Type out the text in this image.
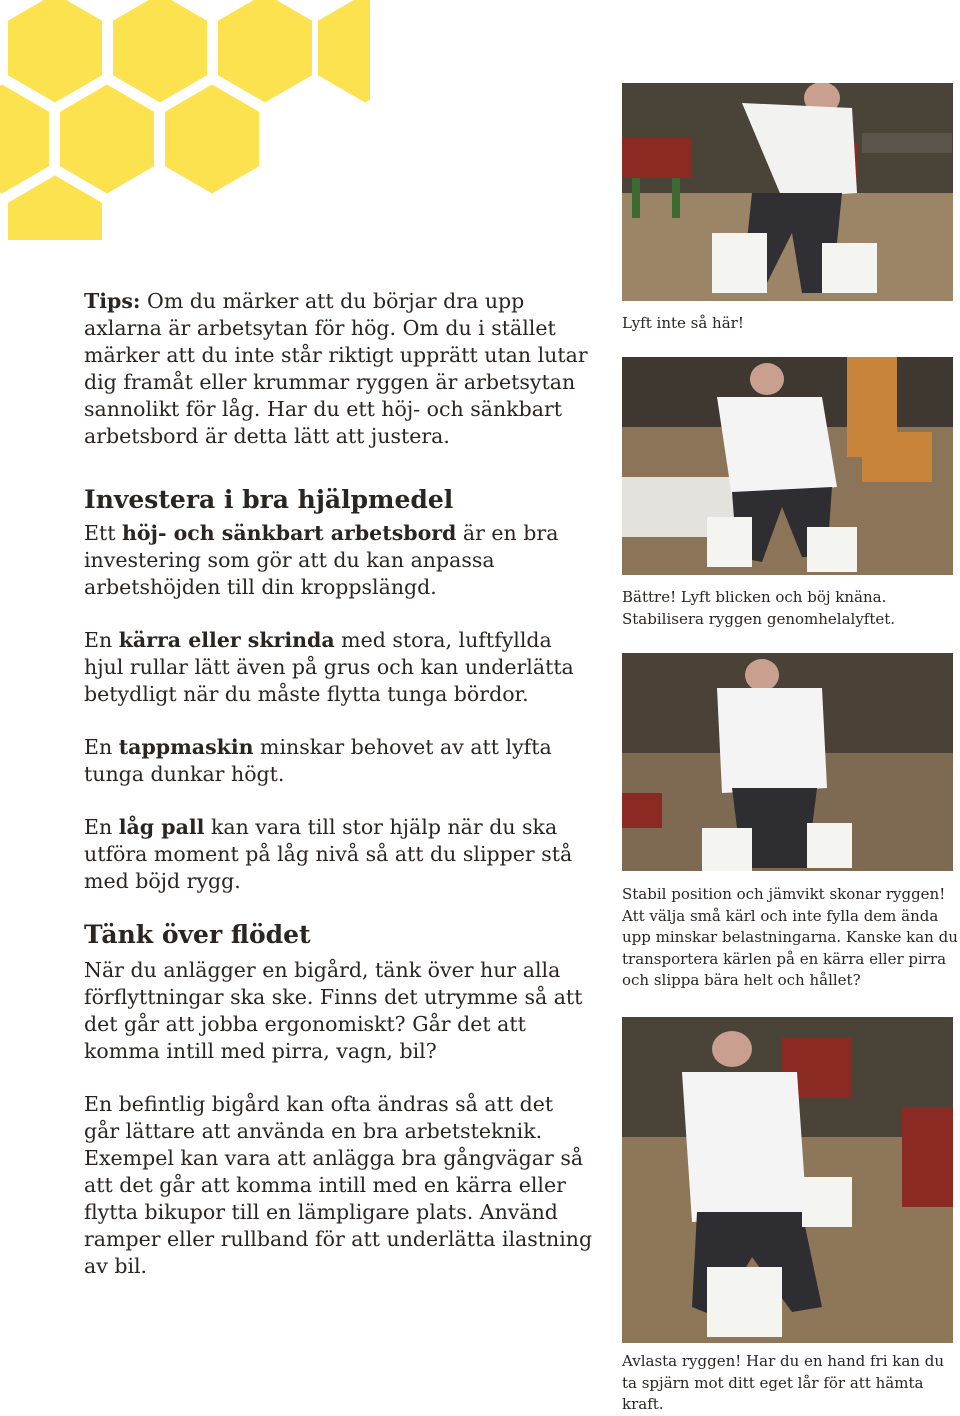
Tips: Om du märker att du börjar dra upp axlarna är arbetsytan för hög. Om du i stället märker att du inte står riktigt upprätt utan lutar dig framåt eller krummar ryggen är arbetsytan sannolikt för låg. Har du ett höj- och sänkbart arbetsbord är detta lätt att justera.

Investera i bra hjälpmedel

Ett höj- och sänkbart arbetsbord är en bra investering som gör att du kan anpassa arbetshöjden till din kroppslängd.

En kärra eller skrinda med stora, luftfyllda hjul rullar lätt även på grus och kan underlätta betydligt när du måste flytta tunga bördor.

En tappmaskin minskar behovet av att lyfta tunga dunkar högt.

En låg pall kan vara till stor hjälp när du ska utföra moment på låg nivå så att du slipper stå med böjd rygg.

Tänk över flödet

När du anlägger en bigård, tänk över hur alla förflyttningar ska ske. Finns det utrymme så att det går att jobba ergonomiskt? Går det att komma intill med pirra, vagn, bil?

En befintlig bigård kan ofta ändras så att det går lättare att använda en bra arbetsteknik. Exempel kan vara att anlägga bra gångvägar så att det går att komma intill med en kärra eller flytta bikupor till en lämpligare plats. Använd ramper eller rullband för att underlätta ilastning av bil.

Lyft inte så här!
Bättre! Lyft blicken och böj knäna. Stabilisera ryggen genomhelalyftet.
Stabil position och jämvikt skonar ryggen! Att välja små kärl och inte fylla dem ända upp minskar belastningarna. Kanske kan du transportera kärlen på en kärra eller pirra och slippa bära helt och hållet?
Avlasta ryggen! Har du en hand fri kan du ta spjärn mot ditt eget lår för att hämta kraft.
